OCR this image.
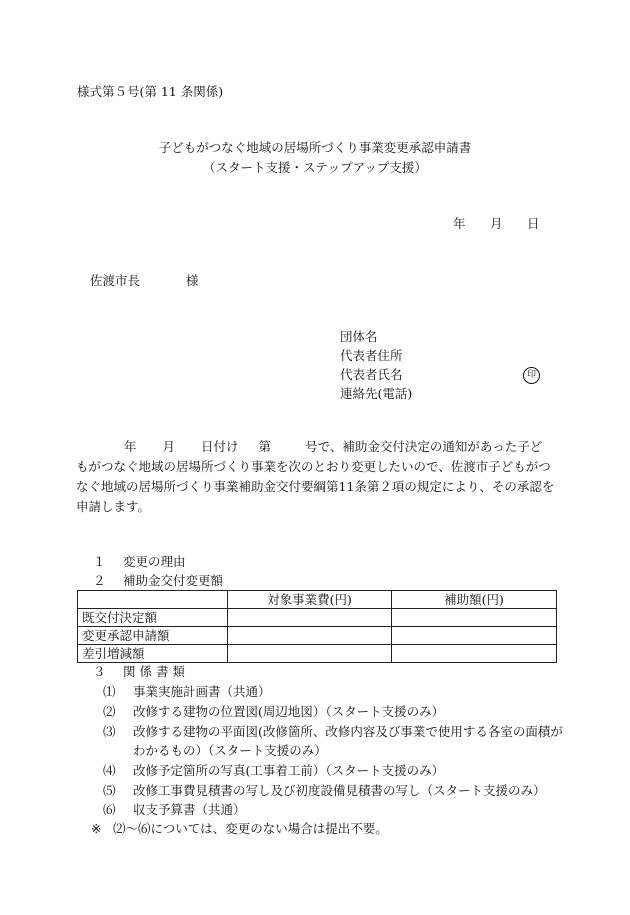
様式第５号(第 11 条関係)
子どもがつなぐ地域の居場所づくり事業変更承認申請書
（スタート支援・ステップアップ支援）
年 月 日
佐渡市長	様
団体名
代表者住所
代表者氏名	印
連絡先(電話)
年 月 日付け 第	号で、補助金交付決定の通知があった子ど
もがつなぐ地域の居場所づくり事業を次のとおり変更したいので、佐渡市子どもがつ
なぐ地域の居場所づくり事業補助金交付要綱第11条第２項の規定により、その承認を
申請します。
１ 変更の理由
２ 補助金交付変更額
	対象事業費(円)	補助額(円)
既交付決定額		
変更承認申請額		
差引増減額		
３ 関 係 書 類
⑴ 事業実施計画書（共通）
⑵ 改修する建物の位置図(周辺地図）（スタート支援のみ）
⑶ 改修する建物の平面図(改修箇所、改修内容及び事業で使用する各室の面積が
わかるもの）（スタート支援のみ）
⑷ 改修予定箇所の写真(工事着工前）（スタート支援のみ）
⑸ 改修工事費見積書の写し及び初度設備見積書の写し（スタート支援のみ）
⑹ 収支予算書（共通）
※ ⑵～⑹については、変更のない場合は提出不要。
